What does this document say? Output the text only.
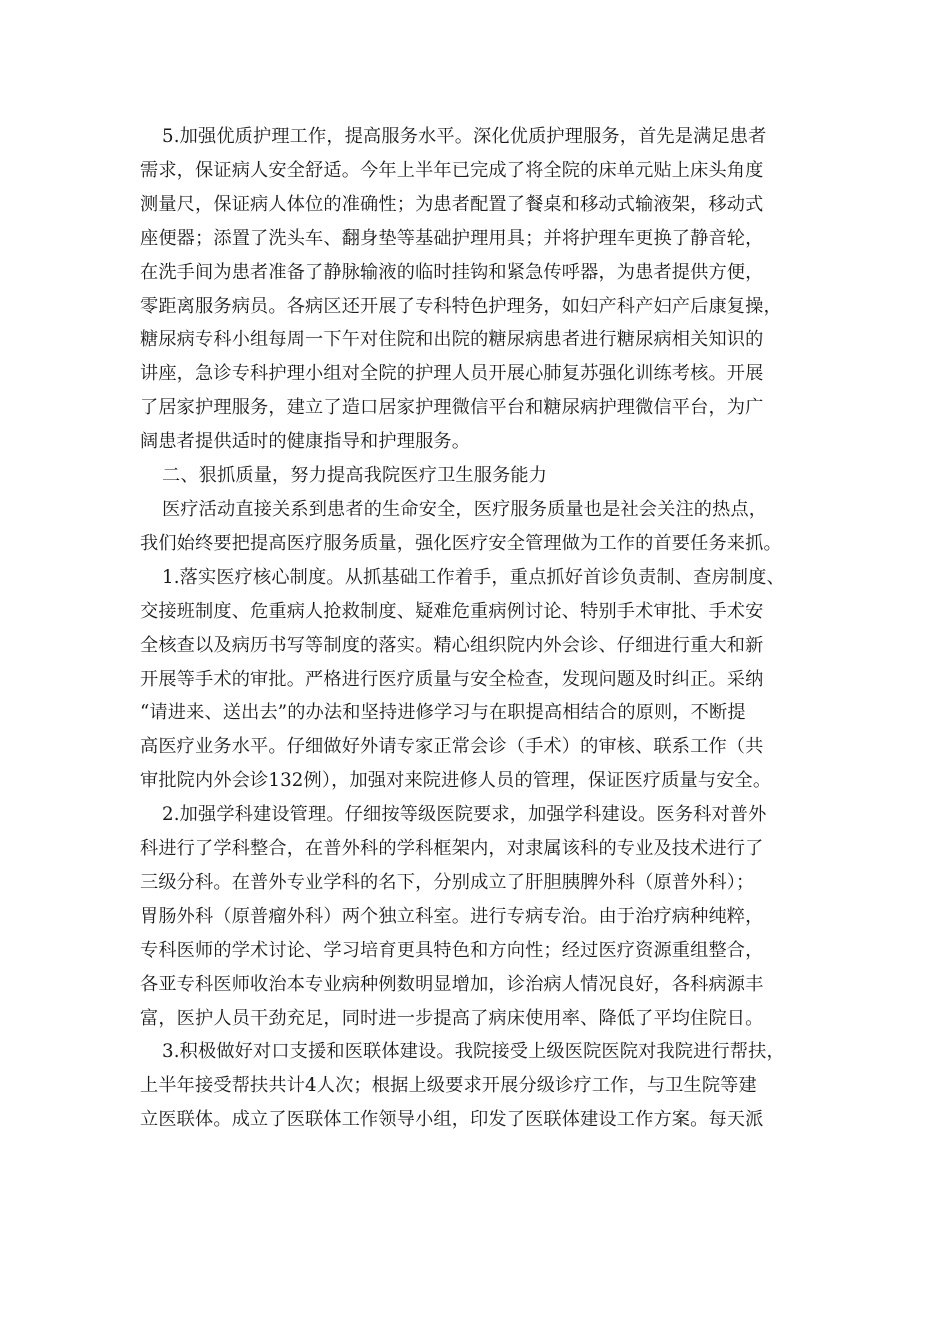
5.加强优质护理工作，提高服务水平。深化优质护理服务，首先是满足患者
需求，保证病人安全舒适。今年上半年已完成了将全院的床单元贴上床头角度
测量尺，保证病人体位的准确性；为患者配置了餐桌和移动式输液架，移动式
座便器；添置了洗头车、翻身垫等基础护理用具；并将护理车更换了静音轮，
在洗手间为患者准备了静脉输液的临时挂钩和紧急传呼器，为患者提供方便，
零距离服务病员。各病区还开展了专科特色护理务，如妇产科产妇产后康复操，
糖尿病专科小组每周一下午对住院和出院的糖尿病患者进行糖尿病相关知识的
讲座，急诊专科护理小组对全院的护理人员开展心肺复苏强化训练考核。开展
了居家护理服务，建立了造口居家护理微信平台和糖尿病护理微信平台，为广
阔患者提供适时的健康指导和护理服务。
二、狠抓质量，努力提高我院医疗卫生服务能力
医疗活动直接关系到患者的生命安全，医疗服务质量也是社会关注的热点，
我们始终要把提高医疗服务质量，强化医疗安全管理做为工作的首要任务来抓。
1.落实医疗核心制度。从抓基础工作着手，重点抓好首诊负责制、查房制度、
交接班制度、危重病人抢救制度、疑难危重病例讨论、特别手术审批、手术安
全核查以及病历书写等制度的落实。精心组织院内外会诊、仔细进行重大和新
开展等手术的审批。严格进行医疗质量与安全检查，发现问题及时纠正。采纳
“请进来、送出去”的办法和坚持进修学习与在职提高相结合的原则，不断提
高医疗业务水平。仔细做好外请专家正常会诊（手术）的审核、联系工作（共
审批院内外会诊132例），加强对来院进修人员的管理，保证医疗质量与安全。
2.加强学科建设管理。仔细按等级医院要求，加强学科建设。医务科对普外
科进行了学科整合，在普外科的学科框架内，对隶属该科的专业及技术进行了
三级分科。在普外专业学科的名下，分别成立了肝胆胰脾外科（原普外科）；
胃肠外科（原普瘤外科）两个独立科室。进行专病专治。由于治疗病种纯粹，
专科医师的学术讨论、学习培育更具特色和方向性；经过医疗资源重组整合，
各亚专科医师收治本专业病种例数明显增加，诊治病人情况良好，各科病源丰
富，医护人员干劲充足，同时进一步提高了病床使用率、降低了平均住院日。
3.积极做好对口支援和医联体建设。我院接受上级医院医院对我院进行帮扶，
上半年接受帮扶共计4人次；根据上级要求开展分级诊疗工作，与卫生院等建
立医联体。成立了医联体工作领导小组，印发了医联体建设工作方案。每天派
